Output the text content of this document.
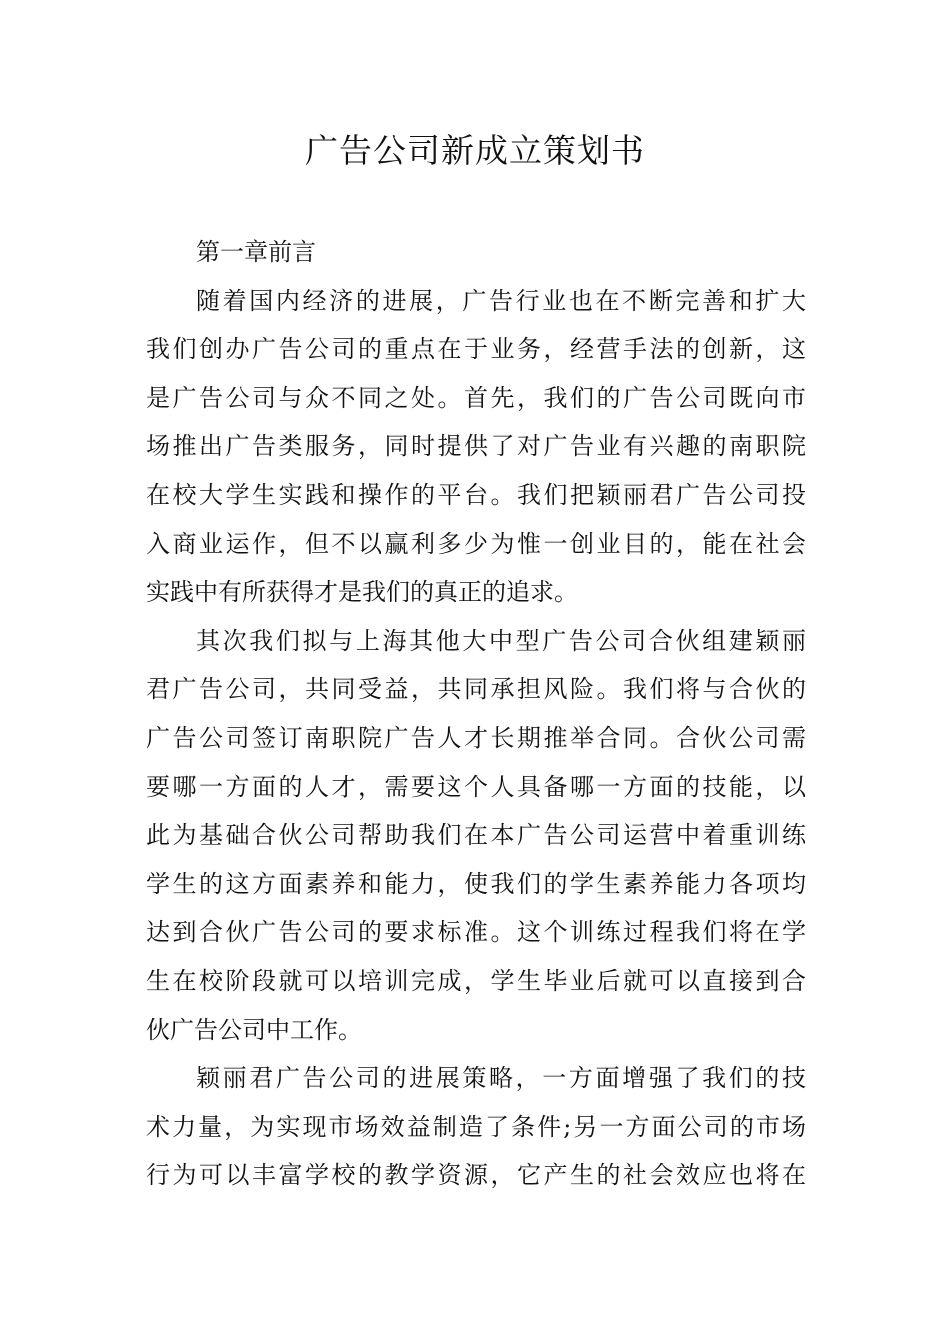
广告公司新成立策划书
第一章前言
随着国内经济的进展，广告行业也在不断完善和扩大
我们创办广告公司的重点在于业务，经营手法的创新，这
是广告公司与众不同之处。首先，我们的广告公司既向市
场推出广告类服务，同时提供了对广告业有兴趣的南职院
在校大学生实践和操作的平台。我们把颖丽君广告公司投
入商业运作，但不以赢利多少为惟一创业目的，能在社会
实践中有所获得才是我们的真正的追求。
其次我们拟与上海其他大中型广告公司合伙组建颖丽
君广告公司，共同受益，共同承担风险。我们将与合伙的
广告公司签订南职院广告人才长期推举合同。合伙公司需
要哪一方面的人才，需要这个人具备哪一方面的技能，以
此为基础合伙公司帮助我们在本广告公司运营中着重训练
学生的这方面素养和能力，使我们的学生素养能力各项均
达到合伙广告公司的要求标准。这个训练过程我们将在学
生在校阶段就可以培训完成，学生毕业后就可以直接到合
伙广告公司中工作。
颖丽君广告公司的进展策略，一方面增强了我们的技
术力量，为实现市场效益制造了条件;另一方面公司的市场
行为可以丰富学校的教学资源，它产生的社会效应也将在
